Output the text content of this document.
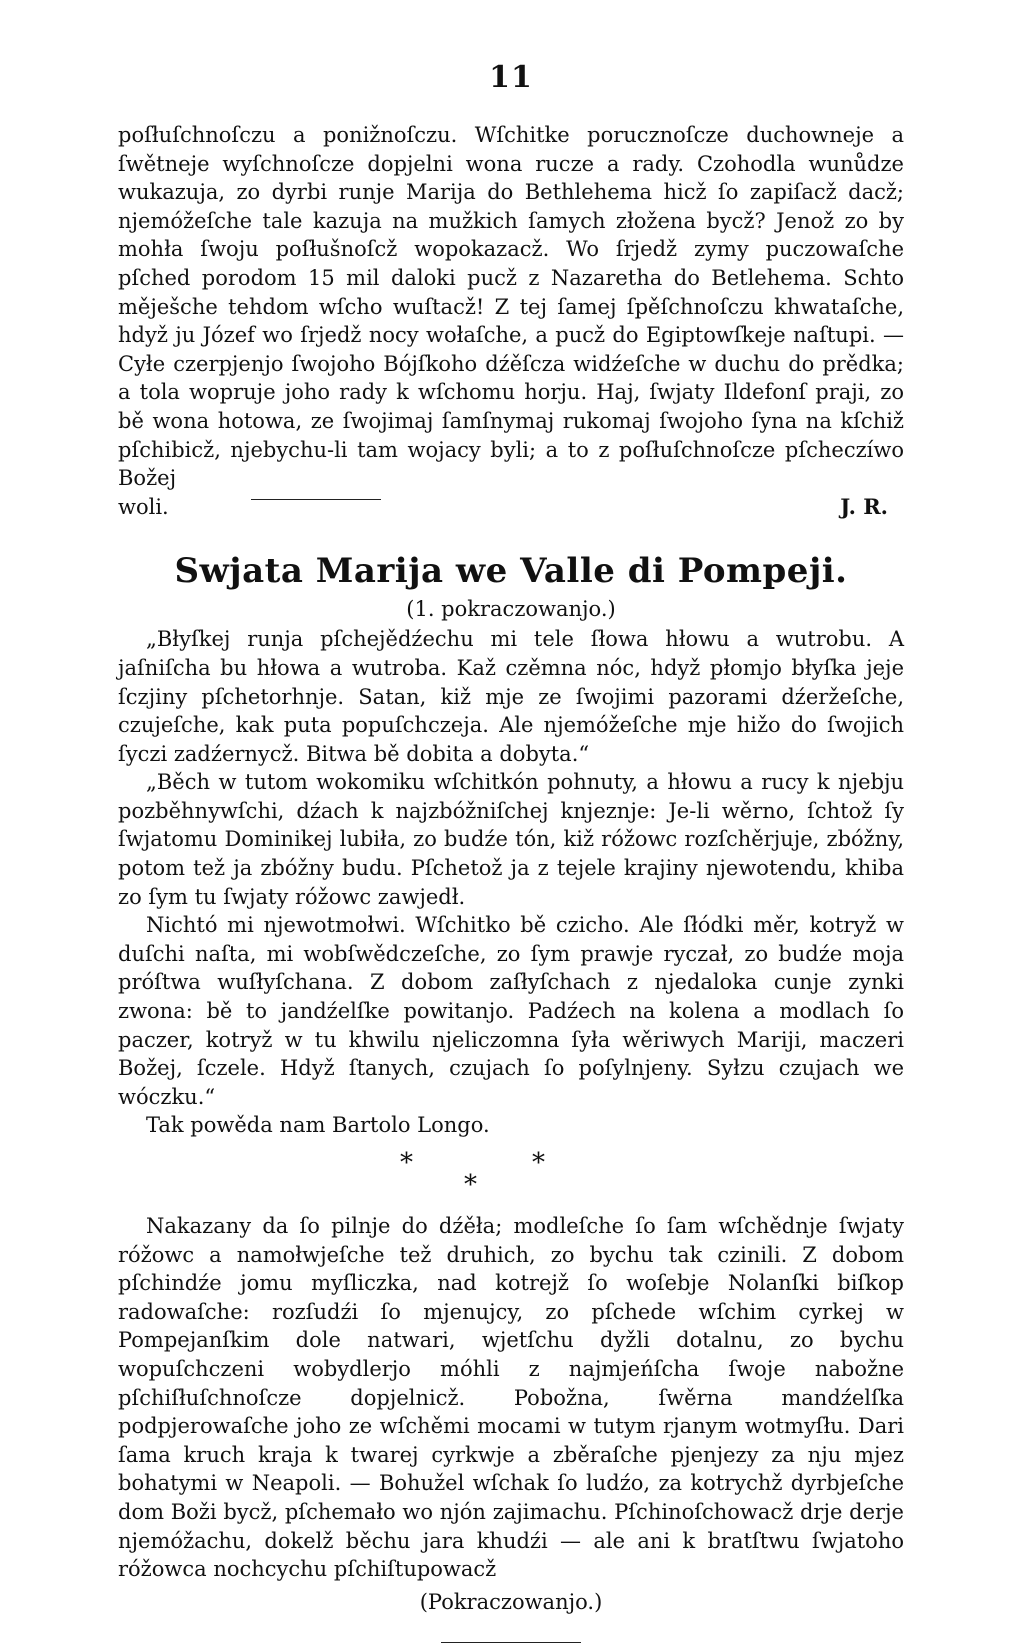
11

poſłuſchnoſczu a ponižnoſczu. Wſchitke porucznoſcze duchowneje a ſwětneje wyſchnoſcze dopjelni wona rucze a rady. Czohodla wunůdze wukazuja, zo dyrbi runje Marija do Bethlehema hicž ſo zapiſacž dacž; njemóžeſche tale kazuja na mužkich ſamych złožena bycž? Jenož zo by mohła ſwoju poſłušnoſcž wopokazacž. Wo ſrjedž zymy puczowaſche pſched porodom 15 mil daloki pucž z Nazaretha do Betlehema. Schto měješche tehdom wſcho wuſtacž! Z tej ſamej ſpěſchnoſczu khwataſche, hdyž ju Józef wo ſrjedž nocy wołaſche, a pucž do Egiptowſkeje naſtupi. — Cyłe czerpjenjo ſwojoho Bójſkoho dźěſcza widźeſche w duchu do prědka; a tola wopruje joho rady k wſchomu horju. Haj, ſwjaty Ildefonſ praji, zo bě wona hotowa, ze ſwojimaj ſamſnymaj rukomaj ſwojoho ſyna na kſchiž pſchibicž, njebychu-li tam wojacy byli; a to z poſłuſchnoſcze pſcheczíwo Božej

woli.	J. R.
Swjata Marija we Valle di Pompeji.
(1. pokraczowanjo.)

„Błyſkej runja pſchejědźechu mi tele ſłowa hłowu a wutrobu. A jaſniſcha bu hłowa a wutroba. Kaž czěmna nóc, hdyž płomjo błyſka jeje ſczjiny pſchetorhnje. Satan, kiž mje ze ſwojimi pazorami dźeržeſche, czujeſche, kak puta popuſchczeja. Ale njemóžeſche mje hižo do ſwojich ſyczi zadźernycž. Bitwa bě dobita a dobyta.“

„Běch w tutom wokomiku wſchitkón pohnuty, a hłowu a rucy k njebju pozběhnywſchi, dźach k najzbóžniſchej knjeznje: Je-li wěrno, ſchtož ſy ſwjatomu Dominikej lubiła, zo budźe tón, kiž róžowc rozſchěrjuje, zbóžny, potom tež ja zbóžny budu. Pſchetož ja z tejele krajiny njewotendu, khiba zo ſym tu ſwjaty róžowc zawjedł.

Nichtó mi njewotmołwi. Wſchitko bě czicho. Ale ſłódki měr, kotryž w duſchi naſta, mi wobſwědczeſche, zo ſym prawje ryczał, zo budźe moja próſtwa wuſłyſchana. Z dobom zaſłyſchach z njedaloka cunje zynki zwona: bě to jandźelſke powitanjo. Padźech na kolena a modlach ſo paczer, kotryž w tu khwilu njeliczomna ſyła wěriwych Mariji, maczeri Božej, ſczele. Hdyž ſtanych, czujach ſo poſylnjeny. Syłzu czujach we wóczku.“

Tak powěda nam Bartolo Longo.

*
*
*

Nakazany da ſo pilnje do dźěła; modleſche ſo ſam wſchědnje ſwjaty róžowc a namołwjeſche tež druhich, zo bychu tak czinili. Z dobom pſchindźe jomu myſliczka, nad kotrejž ſo woſebje Nolanſki biſkop radowaſche: rozſudźi ſo mjenujcy, zo pſchede wſchim cyrkej w Pompejanſkim dole natwari, wjetſchu dyžli dotalnu, zo bychu wopuſchczeni wobydlerjo móhli z najmjeńſcha ſwoje nabožne pſchiſłuſchnoſcze dopjelnicž. Pobožna, ſwěrna mandźelſka podpjerowaſche joho ze wſchěmi mocami w tutym rjanym wotmyſłu. Dari ſama kruch kraja k twarej cyrkwje a zběraſche pjenjezy za nju mjez bohatymi w Neapoli. — Bohužel wſchak ſo ludźo, za kotrychž dyrbjeſche dom Boži bycž, pſchemało wo njón zajimachu. Pſchinoſchowacž drje derje njemóžachu, dokelž běchu jara khudźi — ale ani k bratſtwu ſwjatoho róžowca nochcychu pſchiſtupowacž

(Pokraczowanjo.)
